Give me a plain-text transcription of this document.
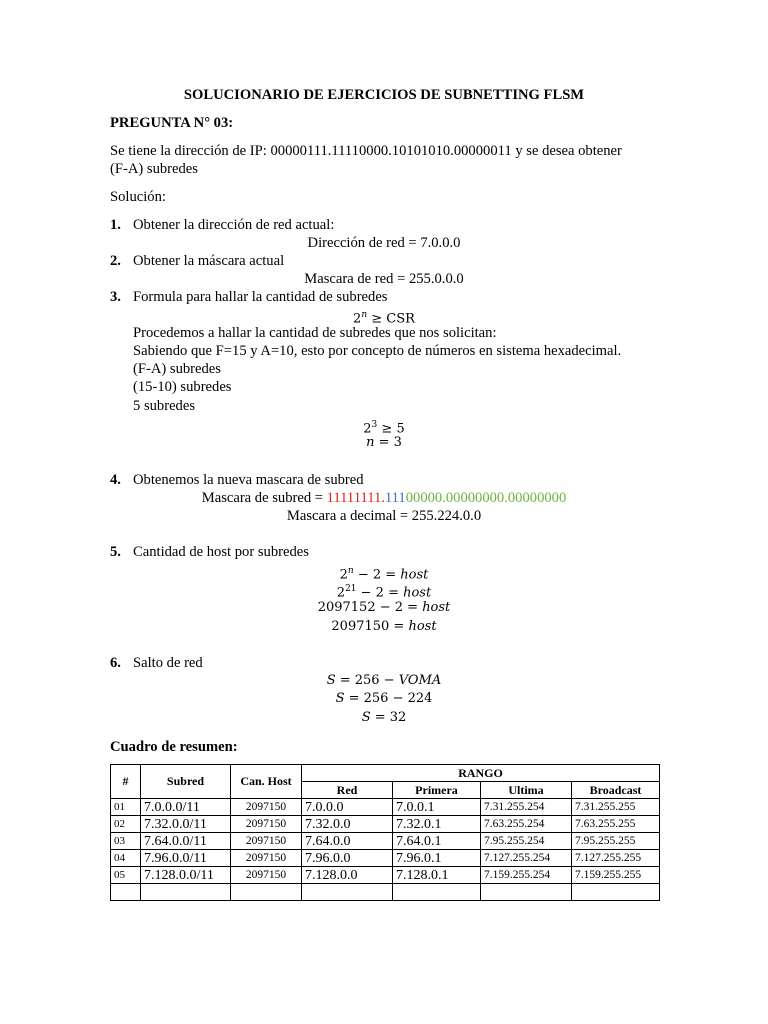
SOLUCIONARIO DE EJERCICIOS DE SUBNETTING FLSM
PREGUNTA N° 03:
Se tiene la dirección de IP: 00000111.11110000.10101010.00000011 y se desea obtener
(F-A) subredes
Solución:
1. Obtener la dirección de red actual:
Dirección de red = 7.0.0.0
2. Obtener la máscara actual
Mascara de red = 255.0.0.0
3. Formula para hallar la cantidad de subredes
$2^n$ ≥ CSR
Procedemos a hallar la cantidad de subredes que nos solicitan:
Sabiendo que F=15 y A=10, esto por concepto de números en sistema hexadecimal.
(F-A) subredes
(15-10) subredes
5 subredes
$2^3 \ge 5$
n = 3
4. Obtenemos la nueva mascara de subred
Mascara de subred = 11111111.11100000.00000000.00000000
Mascara a decimal = 255.224.0.0
5. Cantidad de host por subredes
$2^n - 2$ = host
$2^{21} - 2$ = host
2097152 − 2 = host
2097150 = host
6. Salto de red
S = 256 − VOMA
S = 256 − 224
S = 32
Cuadro de resumen:
#	Subred	Can. Host	RANGO			
			Red	Primera	Ultima	Broadcast
01	7.0.0.0/11	2097150	7.0.0.0	7.0.0.1	7.31.255.254	7.31.255.255
02	7.32.0.0/11	2097150	7.32.0.0	7.32.0.1	7.63.255.254	7.63.255.255
03	7.64.0.0/11	2097150	7.64.0.0	7.64.0.1	7.95.255.254	7.95.255.255
04	7.96.0.0/11	2097150	7.96.0.0	7.96.0.1	7.127.255.254	7.127.255.255
05	7.128.0.0/11	2097150	7.128.0.0	7.128.0.1	7.159.255.254	7.159.255.255
